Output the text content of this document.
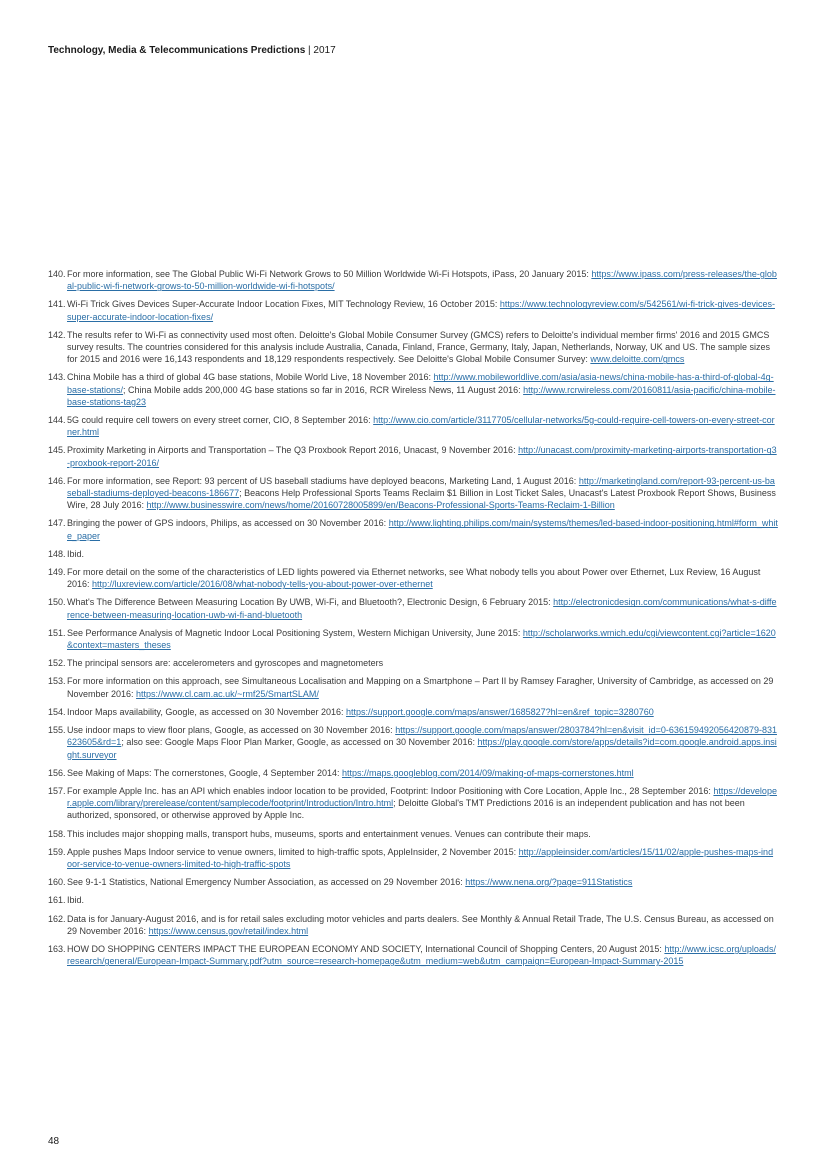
Technology, Media & Telecommunications Predictions | 2017
140. For more information, see The Global Public Wi-Fi Network Grows to 50 Million Worldwide Wi-Fi Hotspots, iPass, 20 January 2015: https://www.ipass.com/press-releases/the-global-public-wi-fi-network-grows-to-50-million-worldwide-wi-fi-hotspots/
141. Wi-Fi Trick Gives Devices Super-Accurate Indoor Location Fixes, MIT Technology Review, 16 October 2015: https://www.technologyreview.com/s/542561/wi-fi-trick-gives-devices-super-accurate-indoor-location-fixes/
142. The results refer to Wi-Fi as connectivity used most often. Deloitte's Global Mobile Consumer Survey (GMCS) refers to Deloitte's individual member firms' 2016 and 2015 GMCS survey results. The countries considered for this analysis include Australia, Canada, Finland, France, Germany, Italy, Japan, Netherlands, Norway, UK and US. The sample sizes for 2015 and 2016 were 16,143 respondents and 18,129 respondents respectively. See Deloitte's Global Mobile Consumer Survey: www.deloitte.com/gmcs
143. China Mobile has a third of global 4G base stations, Mobile World Live, 18 November 2016: http://www.mobileworldlive.com/asia/asia-news/china-mobile-has-a-third-of-global-4g-base-stations/; China Mobile adds 200,000 4G base stations so far in 2016, RCR Wireless News, 11 August 2016: http://www.rcrwireless.com/20160811/asia-pacific/china-mobile-base-stations-tag23
144. 5G could require cell towers on every street corner, CIO, 8 September 2016: http://www.cio.com/article/3117705/cellular-networks/5g-could-require-cell-towers-on-every-street-corner.html
145. Proximity Marketing in Airports and Transportation – The Q3 Proxbook Report 2016, Unacast, 9 November 2016: http://unacast.com/proximity-marketing-airports-transportation-q3-proxbook-report-2016/
146. For more information, see Report: 93 percent of US baseball stadiums have deployed beacons, Marketing Land, 1 August 2016: http://marketingland.com/report-93-percent-us-baseball-stadiums-deployed-beacons-186677; Beacons Help Professional Sports Teams Reclaim $1 Billion in Lost Ticket Sales, Unacast's Latest Proxbook Report Shows, Business Wire, 28 July 2016: http://www.businesswire.com/news/home/20160728005899/en/Beacons-Professional-Sports-Teams-Reclaim-1-Billion
147. Bringing the power of GPS indoors, Philips, as accessed on 30 November 2016: http://www.lighting.philips.com/main/systems/themes/led-based-indoor-positioning.html#form_white_paper
148. Ibid.
149. For more detail on the some of the characteristics of LED lights powered via Ethernet networks, see What nobody tells you about Power over Ethernet, Lux Review, 16 August 2016: http://luxreview.com/article/2016/08/what-nobody-tells-you-about-power-over-ethernet
150. What's The Difference Between Measuring Location By UWB, Wi-Fi, and Bluetooth?, Electronic Design, 6 February 2015: http://electronicdesign.com/communications/what-s-difference-between-measuring-location-uwb-wi-fi-and-bluetooth
151. See Performance Analysis of Magnetic Indoor Local Positioning System, Western Michigan University, June 2015: http://scholarworks.wmich.edu/cgi/viewcontent.cgi?article=1620&context=masters_theses
152. The principal sensors are: accelerometers and gyroscopes and magnetometers
153. For more information on this approach, see Simultaneous Localisation and Mapping on a Smartphone – Part II by Ramsey Faragher, University of Cambridge, as accessed on 29 November 2016: https://www.cl.cam.ac.uk/~rmf25/SmartSLAM/
154. Indoor Maps availability, Google, as accessed on 30 November 2016: https://support.google.com/maps/answer/1685827?hl=en&ref_topic=3280760
155. Use indoor maps to view floor plans, Google, as accessed on 30 November 2016: https://support.google.com/maps/answer/2803784?hl=en&visit_id=0-636159492056420879-831623605&rd=1; also see: Google Maps Floor Plan Marker, Google, as accessed on 30 November 2016: https://play.google.com/store/apps/details?id=com.google.android.apps.insight.surveyor
156. See Making of Maps: The cornerstones, Google, 4 September 2014: https://maps.googleblog.com/2014/09/making-of-maps-cornerstones.html
157. For example Apple Inc. has an API which enables indoor location to be provided, Footprint: Indoor Positioning with Core Location, Apple Inc., 28 September 2016: https://developer.apple.com/library/prerelease/content/samplecode/footprint/Introduction/Intro.html; Deloitte Global's TMT Predictions 2016 is an independent publication and has not been authorized, sponsored, or otherwise approved by Apple Inc.
158. This includes major shopping malls, transport hubs, museums, sports and entertainment venues. Venues can contribute their maps.
159. Apple pushes Maps Indoor service to venue owners, limited to high-traffic spots, AppleInsider, 2 November 2015: http://appleinsider.com/articles/15/11/02/apple-pushes-maps-indoor-service-to-venue-owners-limited-to-high-traffic-spots
160. See 9-1-1 Statistics, National Emergency Number Association, as accessed on 29 November 2016: https://www.nena.org/?page=911Statistics
161. Ibid.
162. Data is for January-August 2016, and is for retail sales excluding motor vehicles and parts dealers. See Monthly & Annual Retail Trade, The U.S. Census Bureau, as accessed on 29 November 2016: https://www.census.gov/retail/index.html
163. HOW DO SHOPPING CENTERS IMPACT THE EUROPEAN ECONOMY AND SOCIETY, International Council of Shopping Centers, 20 August 2015: http://www.icsc.org/uploads/research/general/European-Impact-Summary.pdf?utm_source=research-homepage&utm_medium=web&utm_campaign=European-Impact-Summary-2015
48
